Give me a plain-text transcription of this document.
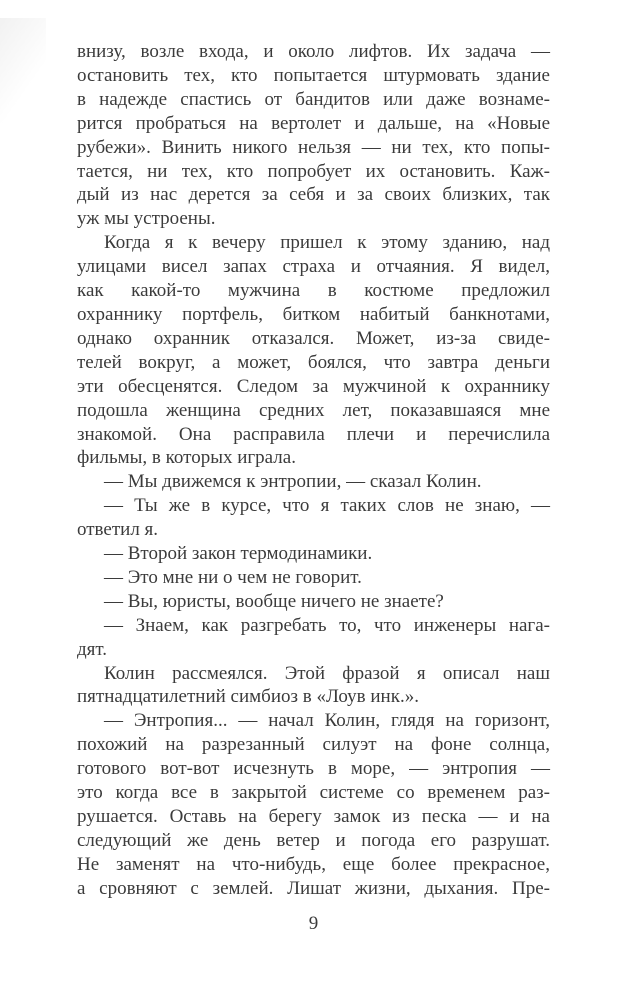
внизу, возле входа, и около лифтов. Их задача —
остановить тех, кто попытается штурмовать здание
в надежде спастись от бандитов или даже вознаме-
рится пробраться на вертолет и дальше, на «Новые
рубежи». Винить никого нельзя — ни тех, кто попы-
тается, ни тех, кто попробует их остановить. Каж-
дый из нас дерется за себя и за своих близких, так
уж мы устроены.
Когда я к вечеру пришел к этому зданию, над
улицами висел запах страха и отчаяния. Я видел,
как какой-то мужчина в костюме предложил
охраннику портфель, битком набитый банкнотами,
однако охранник отказался. Может, из-за свиде-
телей вокруг, а может, боялся, что завтра деньги
эти обесценятся. Следом за мужчиной к охраннику
подошла женщина средних лет, показавшаяся мне
знакомой. Она расправила плечи и перечислила
фильмы, в которых играла.
— Мы движемся к энтропии, — сказал Колин.
— Ты же в курсе, что я таких слов не знаю, —
ответил я.
— Второй закон термодинамики.
— Это мне ни о чем не говорит.
— Вы, юристы, вообще ничего не знаете?
— Знаем, как разгребать то, что инженеры нага-
дят.
Колин рассмеялся. Этой фразой я описал наш
пятнадцатилетний симбиоз в «Лоув инк.».
— Энтропия... — начал Колин, глядя на горизонт,
похожий на разрезанный силуэт на фоне солнца,
готового вот-вот исчезнуть в море, — энтропия —
это когда все в закрытой системе со временем раз-
рушается. Оставь на берегу замок из песка — и на
следующий же день ветер и погода его разрушат.
Не заменят на что-нибудь, еще более прекрасное,
а сровняют с землей. Лишат жизни, дыхания. Пре-
9
